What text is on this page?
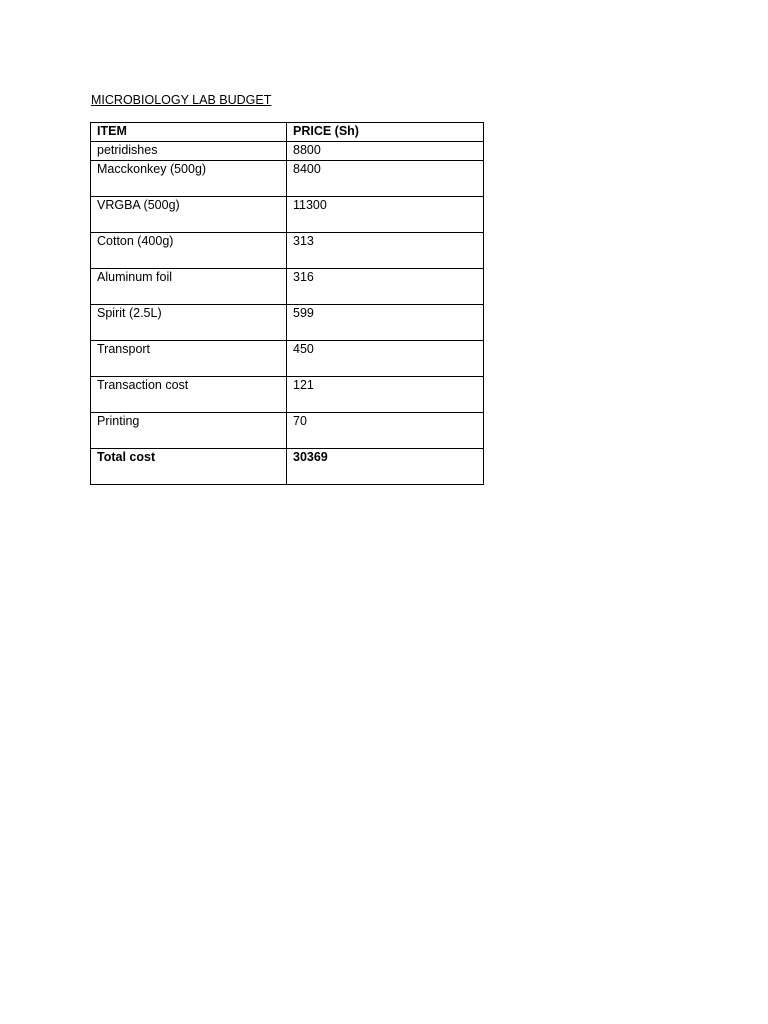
MICROBIOLOGY LAB BUDGET
ITEM	PRICE (Sh)
petridishes	8800
Macckonkey (500g)	8400
VRGBA (500g)	11300
Cotton (400g)	313
Aluminum foil	316
Spirit (2.5L)	599
Transport	450
Transaction cost	121
Printing	70
Total cost	30369
